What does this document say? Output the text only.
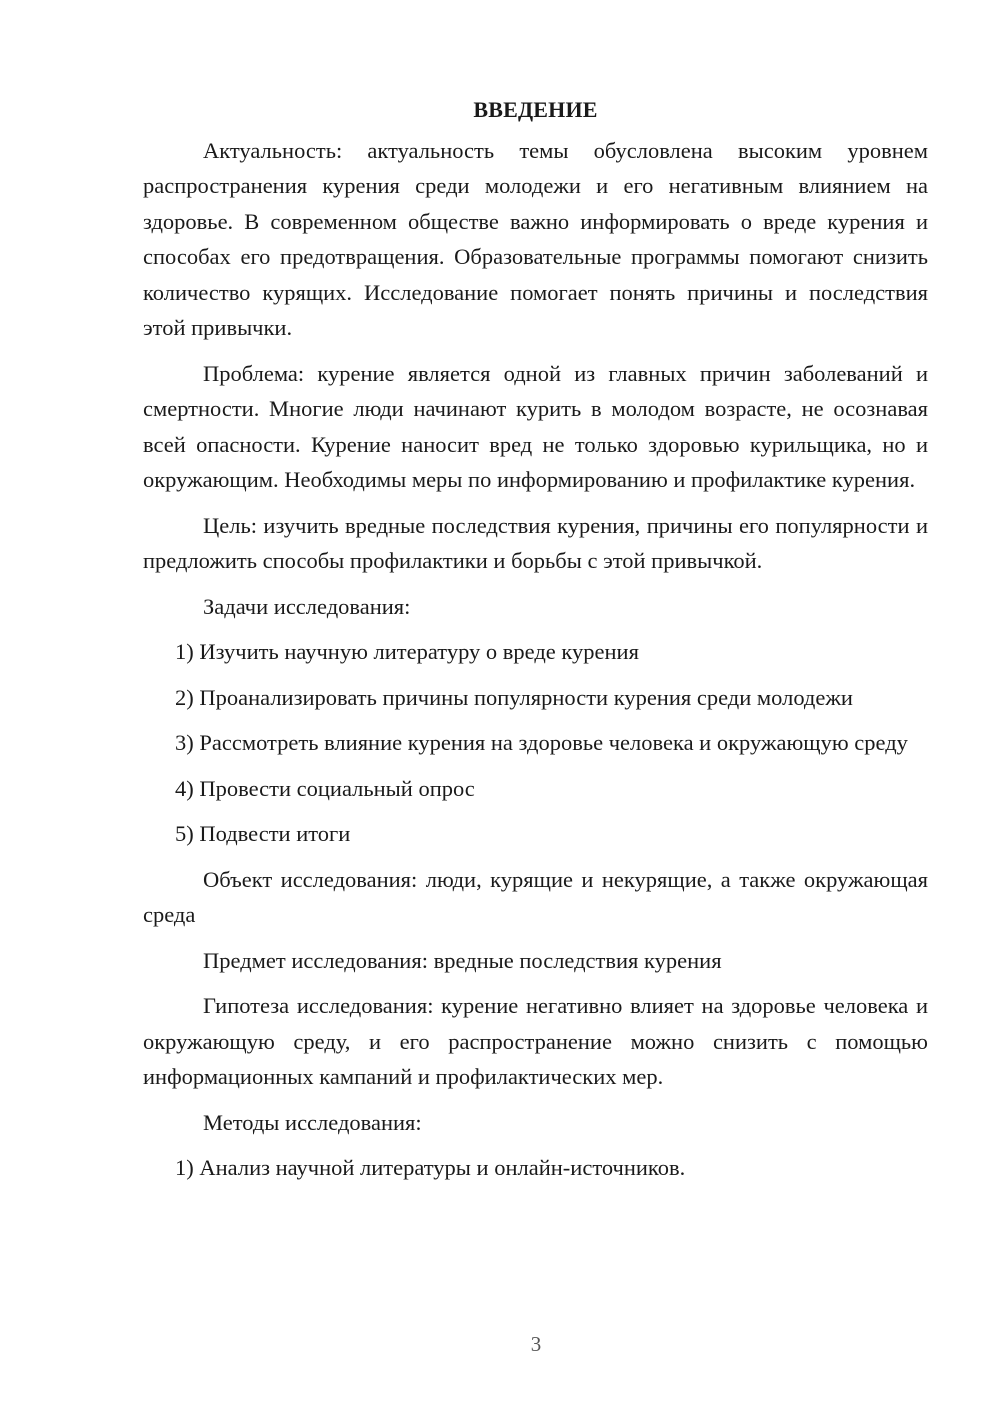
ВВЕДЕНИЕ

Актуальность: актуальность темы обусловлена высоким уровнем распространения курения среди молодежи и его негативным влиянием на здоровье. В современном обществе важно информировать о вреде курения и способах его предотвращения. Образовательные программы помогают снизить количество курящих. Исследование помогает понять причины и последствия этой привычки.

Проблема: курение является одной из главных причин заболеваний и смертности. Многие люди начинают курить в молодом возрасте, не осознавая всей опасности. Курение наносит вред не только здоровью курильщика, но и окружающим. Необходимы меры по информированию и профилактике курения.

Цель: изучить вредные последствия курения, причины его популярности и предложить способы профилактики и борьбы с этой привычкой.

Задачи исследования:

1) Изучить научную литературу о вреде курения

2) Проанализировать причины популярности курения среди молодежи

3) Рассмотреть влияние курения на здоровье человека и окружающую среду

4) Провести социальный опрос

5) Подвести итоги

Объект исследования: люди, курящие и некурящие, а также окружающая среда

Предмет исследования: вредные последствия курения

Гипотеза исследования: курение негативно влияет на здоровье человека и окружающую среду, и его распространение можно снизить с помощью информационных кампаний и профилактических мер.

Методы исследования:

1) Анализ научной литературы и онлайн-источников.

3
